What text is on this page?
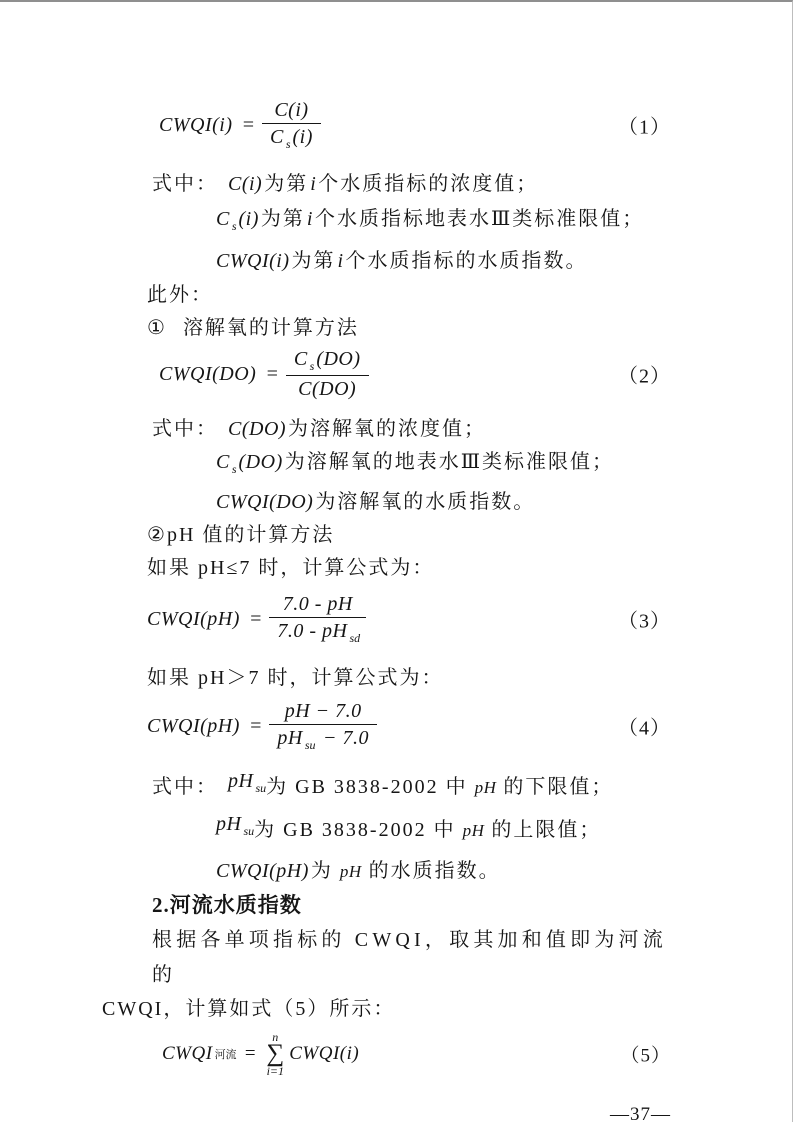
CWQI(i) = $\frac{C(i)}{C _s (i)}$	（1）
式中： C(i) 为第 i 个水质指标的浓度值；
C $_s$ (i) 为第 i 个水质指标地表水Ⅲ类标准限值；
CWQI(i) 为第 i 个水质指标的水质指数。
此外：
① 溶解氧的计算方法
CWQI(DO) = $\frac{C _s (DO)}{C(DO)}$	（2）
式中： C(DO) 为溶解氧的浓度值；
C $_s$ (DO) 为溶解氧的地表水Ⅲ类标准限值；
CWQI(DO) 为溶解氧的水质指数。
②pH 值的计算方法
如果 pH≤7 时，计算公式为：
CWQI(pH) = $\frac{7.0 - pH}{7.0 - pH _{sd}}$	（3）
如果 pH＞7 时，计算公式为：
CWQI(pH) = $\frac{pH - 7.0}{pH _{su} - 7.0}$	（4）
式中： pH $_{su}$为 GB 3838-2002 中 pH 的下限值；
pH $_{su}$为 GB 3838-2002 中 pH 的上限值；
CWQI(pH) 为 pH 的水质指数。
2.河流水质指数
根据各单项指标的 CWQI，取其加和值即为河流的
CWQI，计算如式（5）所示：
CWQI 河流 =
n
∑
i=1
CWQI(i)	（5）
—37—
